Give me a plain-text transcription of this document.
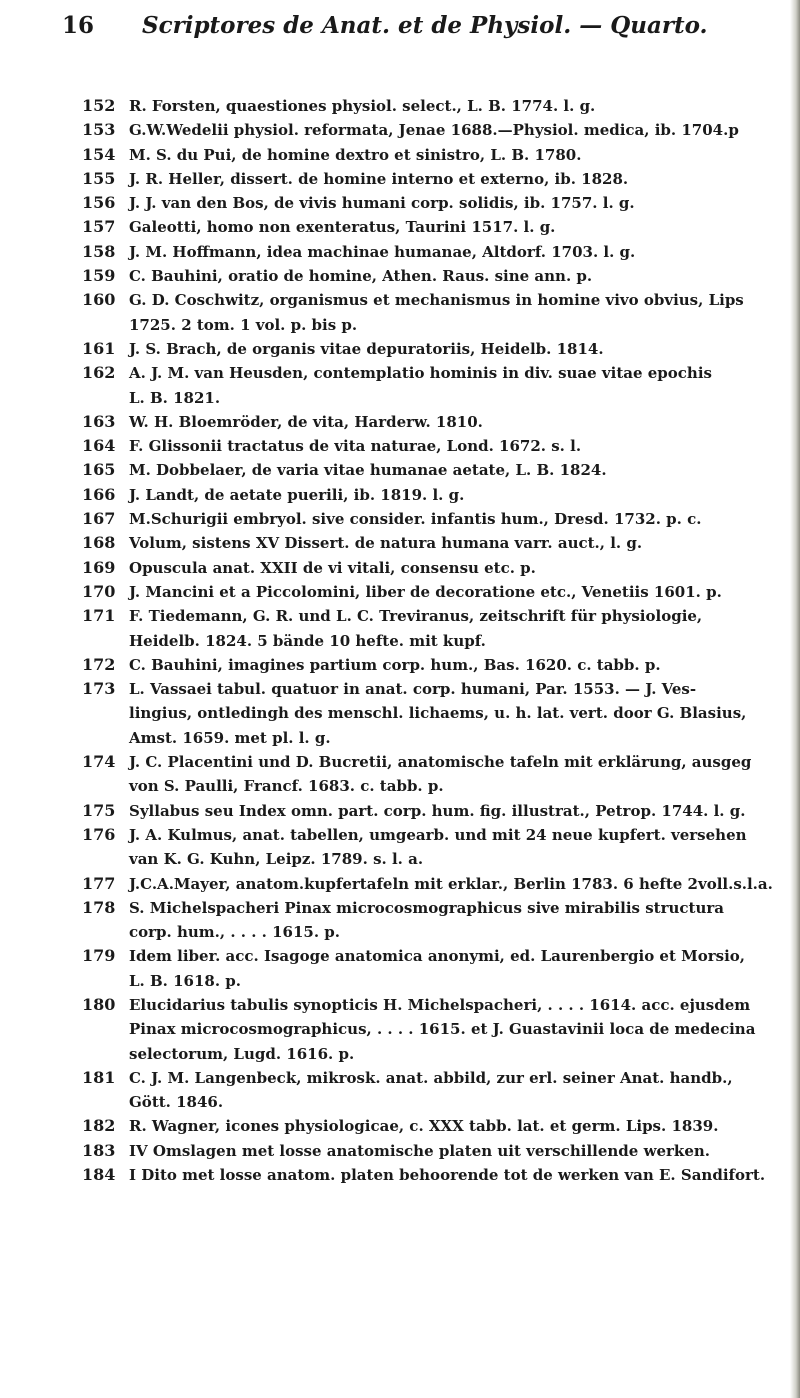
16	Scriptores de Anat. et de Physiol. — Quarto.
152 R. Forsten, quaestiones physiol. select., L. B. 1774. l. g.
153 G.W.Wedelii physiol. reformata, Jenae 1688.—Physiol. medica, ib. 1704.p
154 M. S. du Pui, de homine dextro et sinistro, L. B. 1780.
155 J. R. Heller, dissert. de homine interno et externo, ib. 1828.
156 J. J. van den Bos, de vivis humani corp. solidis, ib. 1757. l. g.
157 Galeotti, homo non exenteratus, Taurini 1517. l. g.
158 J. M. Hoffmann, idea machinae humanae, Altdorf. 1703. l. g.
159 C. Bauhini, oratio de homine, Athen. Raus. sine ann. p.
160 G. D. Coschwitz, organismus et mechanismus in homine vivo obvius, Lips
1725. 2 tom. 1 vol. p. bis p.
161 J. S. Brach, de organis vitae depuratoriis, Heidelb. 1814.
162 A. J. M. van Heusden, contemplatio hominis in div. suae vitae epochis
L. B. 1821.
163 W. H. Bloemröder, de vita, Harderw. 1810.
164 F. Glissonii tractatus de vita naturae, Lond. 1672. s. l.
165 M. Dobbelaer, de varia vitae humanae aetate, L. B. 1824.
166 J. Landt, de aetate puerili, ib. 1819. l. g.
167 M.Schurigii embryol. sive consider. infantis hum., Dresd. 1732. p. c.
168 Volum, sistens XV Dissert. de natura humana varr. auct., l. g.
169 Opuscula anat. XXII de vi vitali, consensu etc. p.
170 J. Mancini et a Piccolomini, liber de decoratione etc., Venetiis 1601. p.
171 F. Tiedemann, G. R. und L. C. Treviranus, zeitschrift für physiologie,
Heidelb. 1824. 5 bände 10 hefte. mit kupf.
172 C. Bauhini, imagines partium corp. hum., Bas. 1620. c. tabb. p.
173 L. Vassaei tabul. quatuor in anat. corp. humani, Par. 1553. — J. Ves-
lingius, ontledingh des menschl. lichaems, u. h. lat. vert. door G. Blasius,
Amst. 1659. met pl. l. g.
174 J. C. Placentini und D. Bucretii, anatomische tafeln mit erklärung, ausgeg
von S. Paulli, Francf. 1683. c. tabb. p.
175 Syllabus seu Index omn. part. corp. hum. fig. illustrat., Petrop. 1744. l. g.
176 J. A. Kulmus, anat. tabellen, umgearb. und mit 24 neue kupfert. versehen
van K. G. Kuhn, Leipz. 1789. s. l. a.
177 J.C.A.Mayer, anatom.kupfertafeln mit erklar., Berlin 1783. 6 hefte 2voll.s.l.a.
178 S. Michelspacheri Pinax microcosmographicus sive mirabilis structura
corp. hum., . . . . 1615. p.
179 Idem liber. acc. Isagoge anatomica anonymi, ed. Laurenbergio et Morsio,
L. B. 1618. p.
180 Elucidarius tabulis synopticis H. Michelspacheri, . . . . 1614. acc. ejusdem
Pinax microcosmographicus, . . . . 1615. et J. Guastavinii loca de medecina
selectorum, Lugd. 1616. p.
181 C. J. M. Langenbeck, mikrosk. anat. abbild, zur erl. seiner Anat. handb.,
Gött. 1846.
182 R. Wagner, icones physiologicae, c. XXX tabb. lat. et germ. Lips. 1839.
183 IV Omslagen met losse anatomische platen uit verschillende werken.
184 I Dito met losse anatom. platen behoorende tot de werken van E. Sandifort.
